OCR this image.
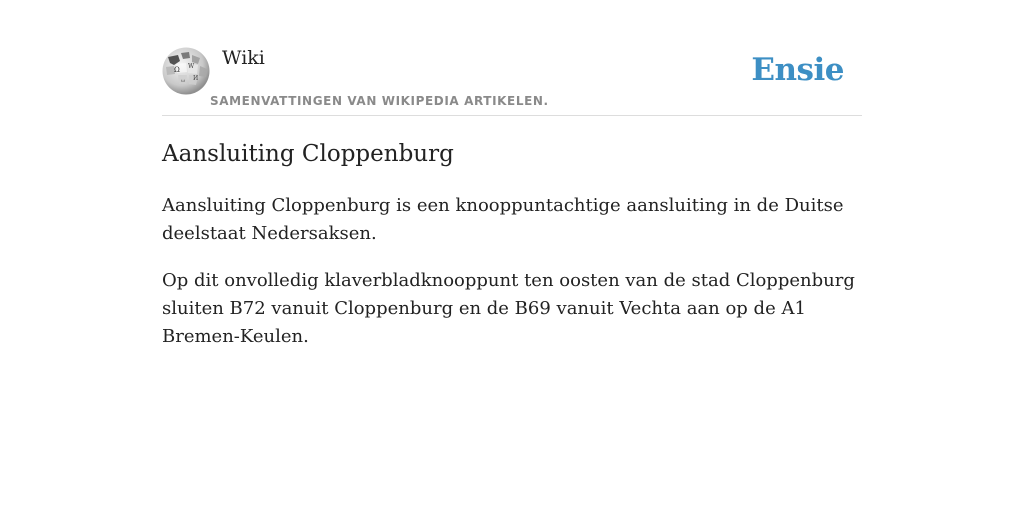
Ω W
И
ω

Wiki

SAMENVATTINGEN VAN WIKIPEDIA ARTIKELEN.

Ensie
Aansluiting Cloppenburg

Aansluiting Cloppenburg is een knooppuntachtige aansluiting in de Duitse deelstaat Nedersaksen.

Op dit onvolledig klaverbladknooppunt ten oosten van de stad Cloppenburg sluiten B72 vanuit Cloppenburg en de B69 vanuit Vechta aan op de A1 Bremen-Keulen.
